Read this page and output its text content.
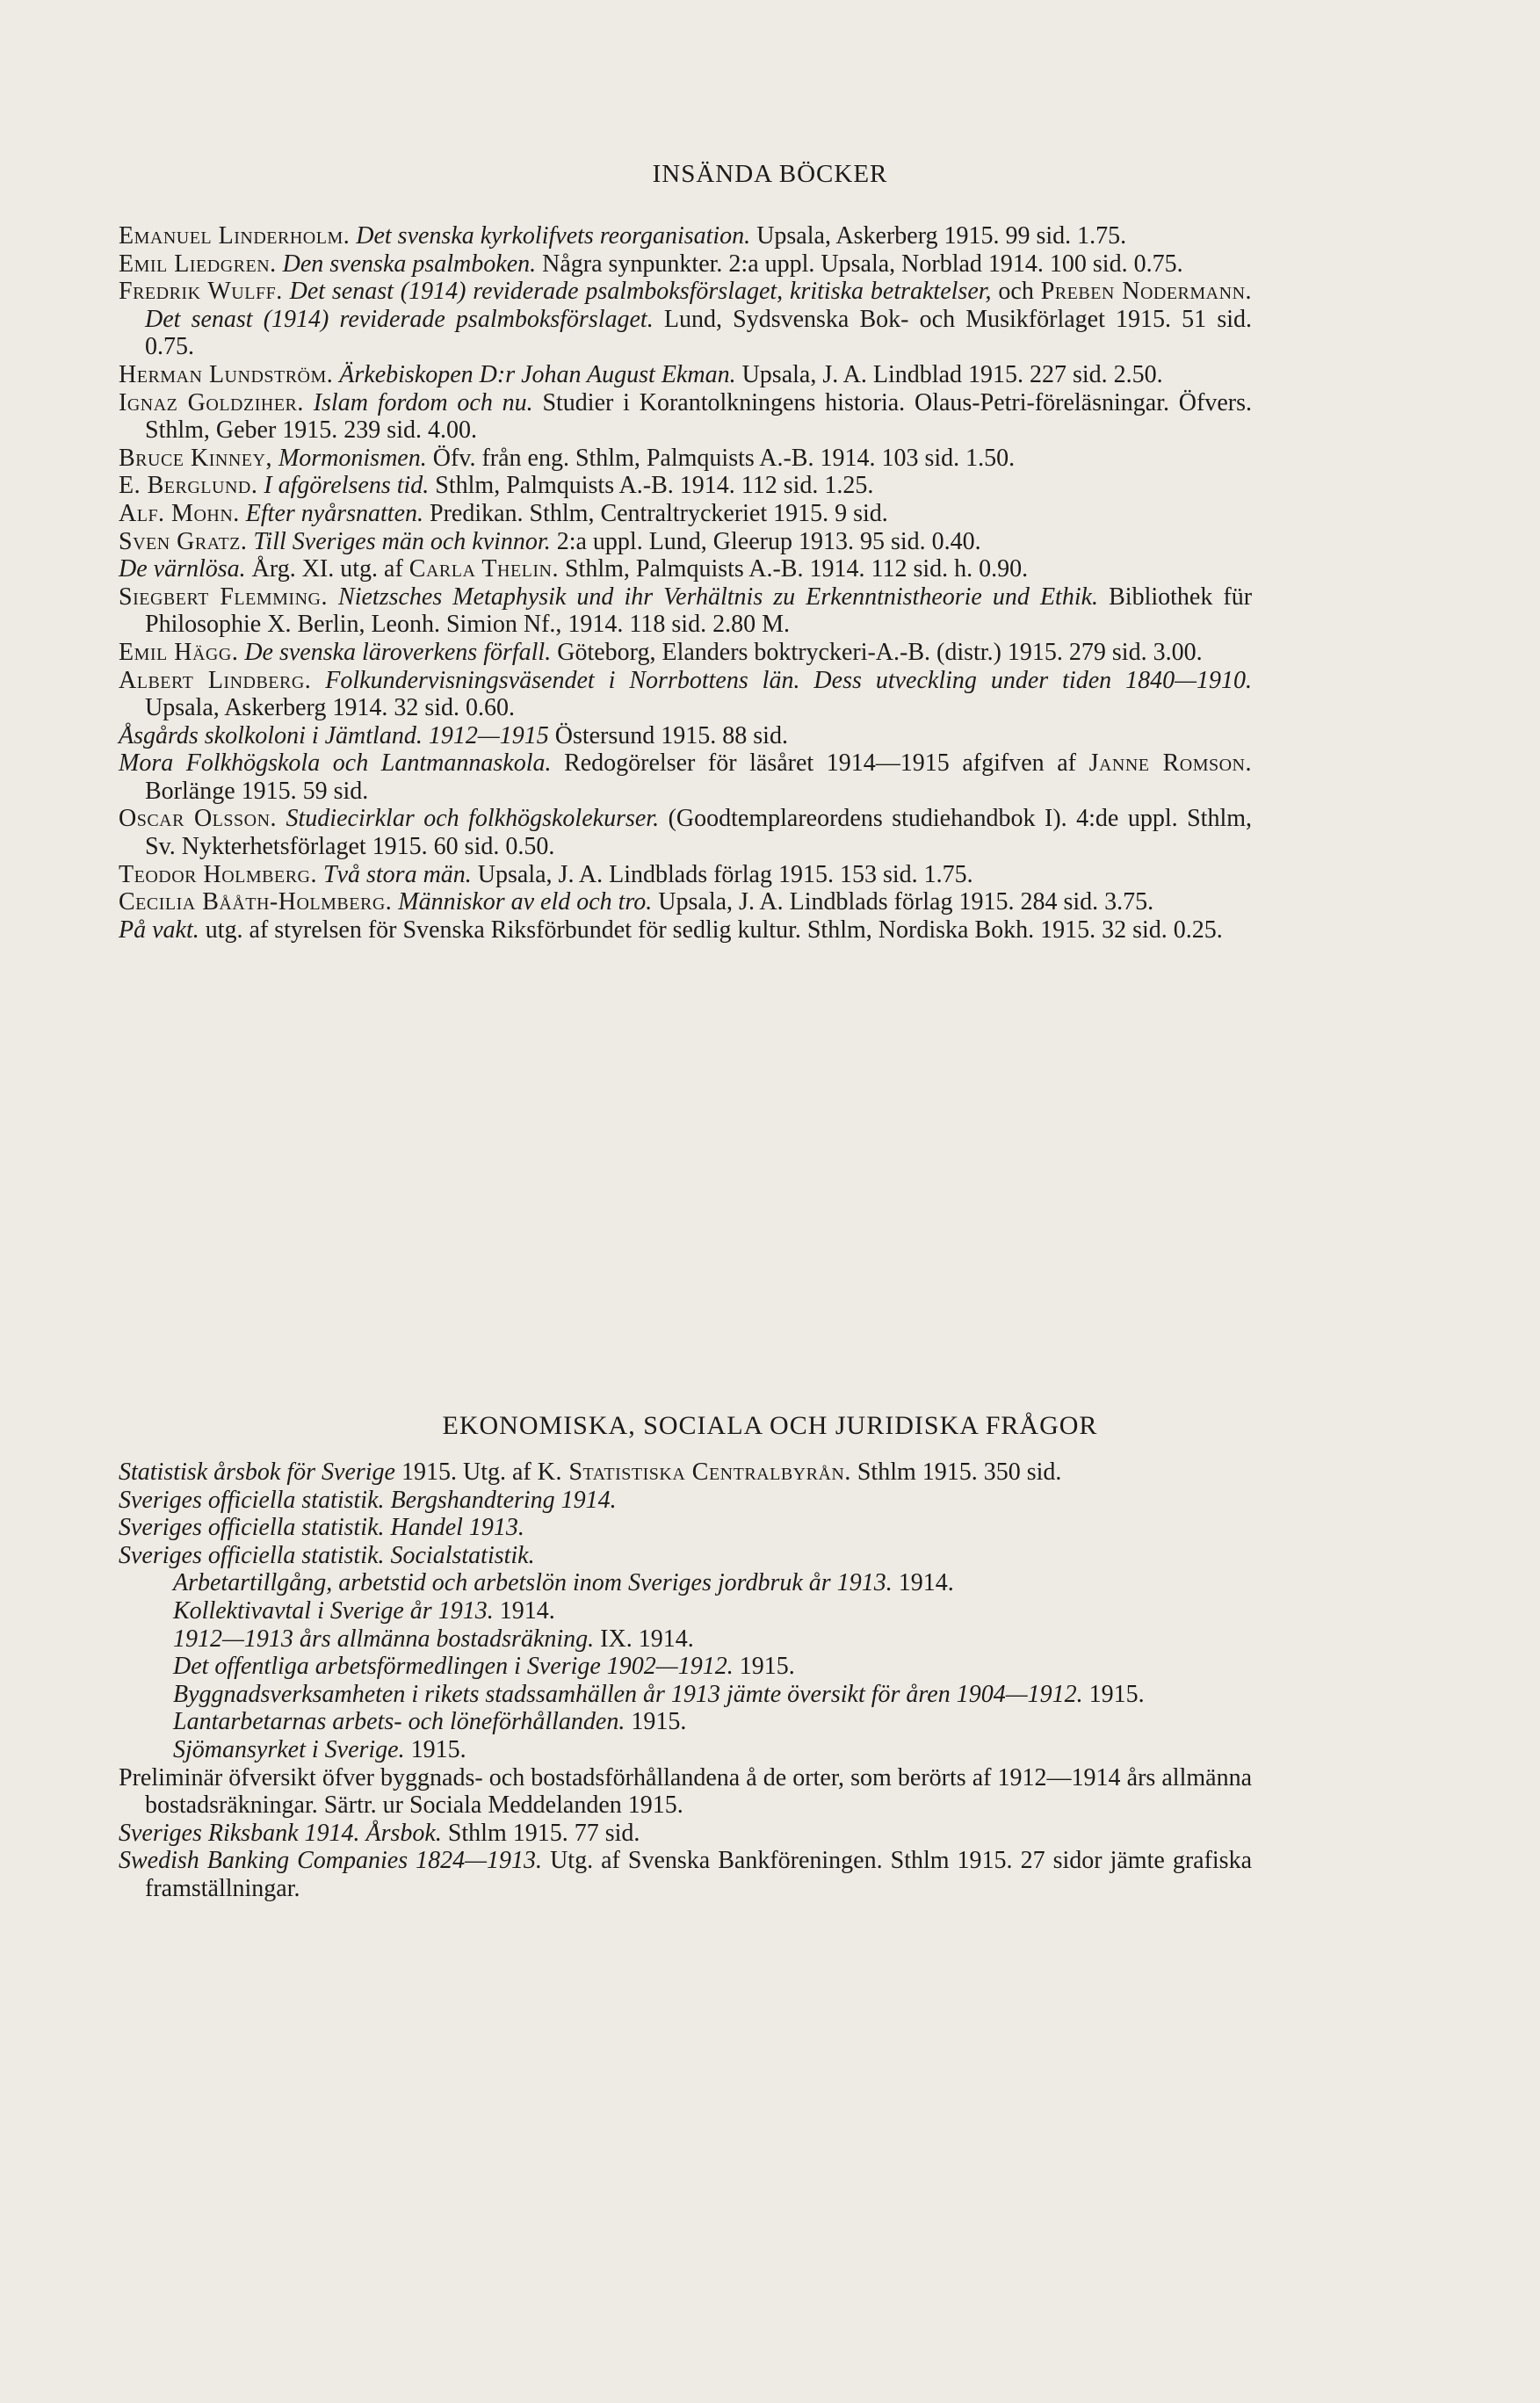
INSÄNDA BÖCKER
Emanuel Linderholm. Det svenska kyrkolifvets reorganisation. Upsala, Askerberg 1915. 99 sid. 1.75.
Emil Liedgren. Den svenska psalmboken. Några synpunkter. 2:a uppl. Upsala, Norblad 1914. 100 sid. 0.75.
Fredrik Wulff. Det senast (1914) reviderade psalmboksförslaget, kritiska betraktelser, och Preben Nodermann. Det senast (1914) reviderade psalmboksförslaget. Lund, Sydsvenska Bok- och Musikförlaget 1915. 51 sid. 0.75.
Herman Lundström. Ärkebiskopen D:r Johan August Ekman. Upsala, J. A. Lindblad 1915. 227 sid. 2.50.
Ignaz Goldziher. Islam fordom och nu. Studier i Korantolkningens historia. Olaus-Petri-föreläsningar. Öfvers. Sthlm, Geber 1915. 239 sid. 4.00.
Bruce Kinney, Mormonismen. Öfv. från eng. Sthlm, Palmquists A.-B. 1914. 103 sid. 1.50.
E. Berglund. I afgörelsens tid. Sthlm, Palmquists A.-B. 1914. 112 sid. 1.25.
Alf. Mohn. Efter nyårsnatten. Predikan. Sthlm, Centraltryckeriet 1915. 9 sid.
Sven Gratz. Till Sveriges män och kvinnor. 2:a uppl. Lund, Gleerup 1913. 95 sid. 0.40.
De värnlösa. Årg. XI. utg. af Carla Thelin. Sthlm, Palmquists A.-B. 1914. 112 sid. h. 0.90.
Siegbert Flemming. Nietzsches Metaphysik und ihr Verhältnis zu Erkenntnistheorie und Ethik. Bibliothek für Philosophie X. Berlin, Leonh. Simion Nf., 1914. 118 sid. 2.80 M.
Emil Hägg. De svenska läroverkens förfall. Göteborg, Elanders boktryckeri-A.-B. (distr.) 1915. 279 sid. 3.00.
Albert Lindberg. Folkundervisningsväsendet i Norrbottens län. Dess utveckling under tiden 1840—1910. Upsala, Askerberg 1914. 32 sid. 0.60.
Åsgårds skolkoloni i Jämtland. 1912—1915 Östersund 1915. 88 sid.
Mora Folkhögskola och Lantmannaskola. Redogörelser för läsåret 1914—1915 afgifven af Janne Romson. Borlänge 1915. 59 sid.
Oscar Olsson. Studiecirklar och folkhögskolekurser. (Goodtemplareordens studiehandbok I). 4:de uppl. Sthlm, Sv. Nykterhetsförlaget 1915. 60 sid. 0.50.
Teodor Holmberg. Två stora män. Upsala, J. A. Lindblads förlag 1915. 153 sid. 1.75.
Cecilia Bååth-Holmberg. Människor av eld och tro. Upsala, J. A. Lindblads förlag 1915. 284 sid. 3.75.
På vakt. utg. af styrelsen för Svenska Riksförbundet för sedlig kultur. Sthlm, Nordiska Bokh. 1915. 32 sid. 0.25.
EKONOMISKA, SOCIALA OCH JURIDISKA FRÅGOR
Statistisk årsbok för Sverige 1915. Utg. af K. Statistiska Centralbyrån. Sthlm 1915. 350 sid.
Sveriges officiella statistik. Bergshandtering 1914.
Sveriges officiella statistik. Handel 1913.
Sveriges officiella statistik. Socialstatistik.
Arbetartillgång, arbetstid och arbetslön inom Sveriges jordbruk år 1913. 1914.
Kollektivavtal i Sverige år 1913. 1914.
1912—1913 års allmänna bostadsräkning. IX. 1914.
Det offentliga arbetsförmedlingen i Sverige 1902—1912. 1915.
Byggnadsverksamheten i rikets stadssamhällen år 1913 jämte översikt för åren 1904—1912. 1915.
Lantarbetarnas arbets- och löneförhållanden. 1915.
Sjömansyrket i Sverige. 1915.
Preliminär öfversikt öfver byggnads- och bostadsförhållandena å de orter, som berörts af 1912—1914 års allmänna bostadsräkningar. Särtr. ur Sociala Meddelanden 1915.
Sveriges Riksbank 1914. Årsbok. Sthlm 1915. 77 sid.
Swedish Banking Companies 1824—1913. Utg. af Svenska Bankföreningen. Sthlm 1915. 27 sidor jämte grafiska framställningar.
